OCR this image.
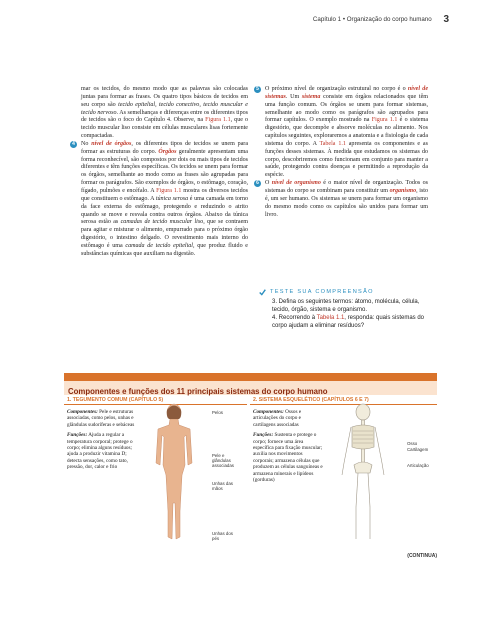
Capítulo 1 • Organização do corpo humano 3

mar os tecidos, do mesmo modo que as palavras são colocadas juntas para formar as frases. Os quatro tipos básicos de tecidos em seu corpo são tecido epitelial, tecido conectivo, tecido muscular e tecido nervoso. As semelhanças e diferenças entre os diferentes tipos de tecidos são o foco do Capítulo 4. Observe, na Figura 1.1, que o tecido muscular liso consiste em células musculares lisas fortemente compactadas.

4	No nível de órgãos, os diferentes tipos de tecidos se unem para formar as estruturas do corpo. Órgãos geralmente apresentam uma forma reconhecível, são compostos por dois ou mais tipos de tecidos diferentes e têm funções específicas. Os tecidos se unem para formar os órgãos, semelhante ao modo como as frases são agrupadas para formar os parágrafos. São exemplos de órgãos, o estômago, coração, fígado, pulmões e encéfalo. A Figura 1.1 mostra os diversos tecidos que constituem o estômago. A túnica serosa é uma camada em torno da face externa do estômago, protegendo e reduzindo o atrito quando se move e resvala contra outros órgãos. Abaixo da túnica serosa estão as camadas de tecido muscular liso, que se contraem para agitar e misturar o alimento, empurrado para o próximo órgão digestório, o intestino delgado. O revestimento mais interno do estômago é uma camada de tecido epitelial, que produz fluido e substâncias químicas que auxiliam na digestão.

5	O próximo nível de organização estrutural no corpo é o nível de sistemas. Um sistema consiste em órgãos relacionados que têm uma função comum. Os órgãos se unem para formar sistemas, semelhante ao modo como os parágrafos são agrupados para formar capítulos. O exemplo mostrado na Figura 1.1 é o sistema digestório, que decompõe e absorve moléculas no alimento. Nos capítulos seguintes, exploraremos a anatomia e a fisiologia de cada sistema do corpo. A Tabela 1.1 apresenta os componentes e as funções desses sistemas. À medida que estudamos os sistemas do corpo, descobriremos como funcionam em conjunto para manter a saúde, protegendo contra doenças e permitindo a reprodução da espécie.

6	O nível de organismo é o maior nível de organização. Todos os sistemas do corpo se combinam para constituir um organismo, isto é, um ser humano. Os sistemas se unem para formar um organismo do mesmo modo como os capítulos são unidos para formar um livro.

TESTE SUA COMPREENSÃO
3. Defina os seguintes termos: átomo, molécula, célula, tecido, órgão, sistema e organismo.
4. Recorrendo à Tabela 1.1, responda: quais sistemas do corpo ajudam a eliminar resíduos?
Componentes e funções dos 11 principais sistemas do corpo humano
1. TEGUMENTO COMUM (CAPÍTULO 5)
Componentes: Pele e estruturas associadas, como pelos, unhas e glândulas sudoríferas e sebáceas
Funções: Ajuda a regular a temperatura corporal; protege o corpo; elimina alguns resíduos; ajuda a produzir vitamina D; detecta sensações, como tato, pressão, dor, calor e frio
Pelos
Pele e glândulas associadas
Unhas das mãos
Unhas dos pés
2. SISTEMA ESQUELÉTICO (CAPÍTULOS 6 E 7)
Componentes: Ossos e articulações do corpo e cartilagens associadas
Funções: Sustenta e protege o corpo; fornece uma área específica para fixação muscular; auxilia nos movimentos corporais; armazena células que produzem as células sanguíneas e armazena minerais e lipídeos (gorduras)
Osso
Cartilagem
Articulação
(CONTINUA)
